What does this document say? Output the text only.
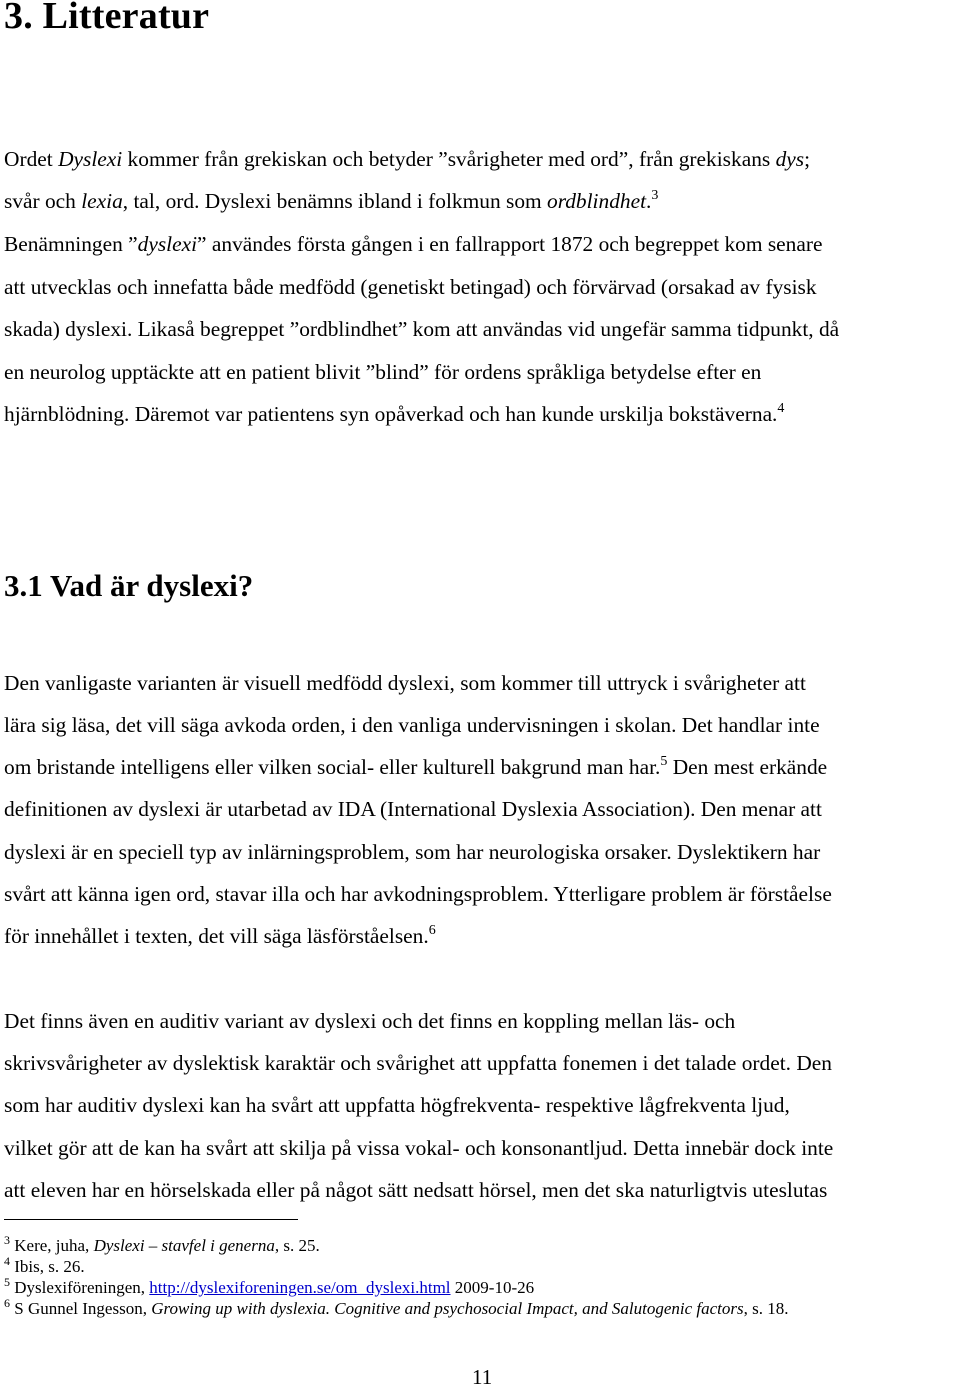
3. Litteratur

Ordet Dyslexi kommer från grekiskan och betyder ”svårigheter med ord”, från grekiskans dys;

svår och lexia, tal, ord. Dyslexi benämns ibland i folkmun som ordblindhet.$^3$

Benämningen ”dyslexi” användes första gången i en fallrapport 1872 och begreppet kom senare

att utvecklas och innefatta både medfödd (genetiskt betingad) och förvärvad (orsakad av fysisk

skada) dyslexi. Likaså begreppet ”ordblindhet” kom att användas vid ungefär samma tidpunkt, då

en neurolog upptäckte att en patient blivit ”blind” för ordens språkliga betydelse efter en

hjärnblödning. Däremot var patientens syn opåverkad och han kunde urskilja bokstäverna.$^4$

3.1 Vad är dyslexi?

Den vanligaste varianten är visuell medfödd dyslexi, som kommer till uttryck i svårigheter att

lära sig läsa, det vill säga avkoda orden, i den vanliga undervisningen i skolan. Det handlar inte

om bristande intelligens eller vilken social- eller kulturell bakgrund man har.$^5$ Den mest erkände

definitionen av dyslexi är utarbetad av IDA (International Dyslexia Association). Den menar att

dyslexi är en speciell typ av inlärningsproblem, som har neurologiska orsaker. Dyslektikern har

svårt att känna igen ord, stavar illa och har avkodningsproblem. Ytterligare problem är förståelse

för innehållet i texten, det vill säga läsförståelsen.$^6$

Det finns även en auditiv variant av dyslexi och det finns en koppling mellan läs- och

skrivsvårigheter av dyslektisk karaktär och svårighet att uppfatta fonemen i det talade ordet. Den

som har auditiv dyslexi kan ha svårt att uppfatta högfrekventa- respektive lågfrekventa ljud,

vilket gör att de kan ha svårt att skilja på vissa vokal- och konsonantljud. Detta innebär dock inte

att eleven har en hörselskada eller på något sätt nedsatt hörsel, men det ska naturligtvis uteslutas

$^3$ Kere, juha, Dyslexi – stavfel i generna, s. 25.

$^4$ Ibis, s. 26.

$^5$ Dyslexiföreningen, http://dyslexiforeningen.se/om_dyslexi.html 2009-10-26

$^6$ S Gunnel Ingesson, Growing up with dyslexia. Cognitive and psychosocial Impact, and Salutogenic factors, s. 18.

11
